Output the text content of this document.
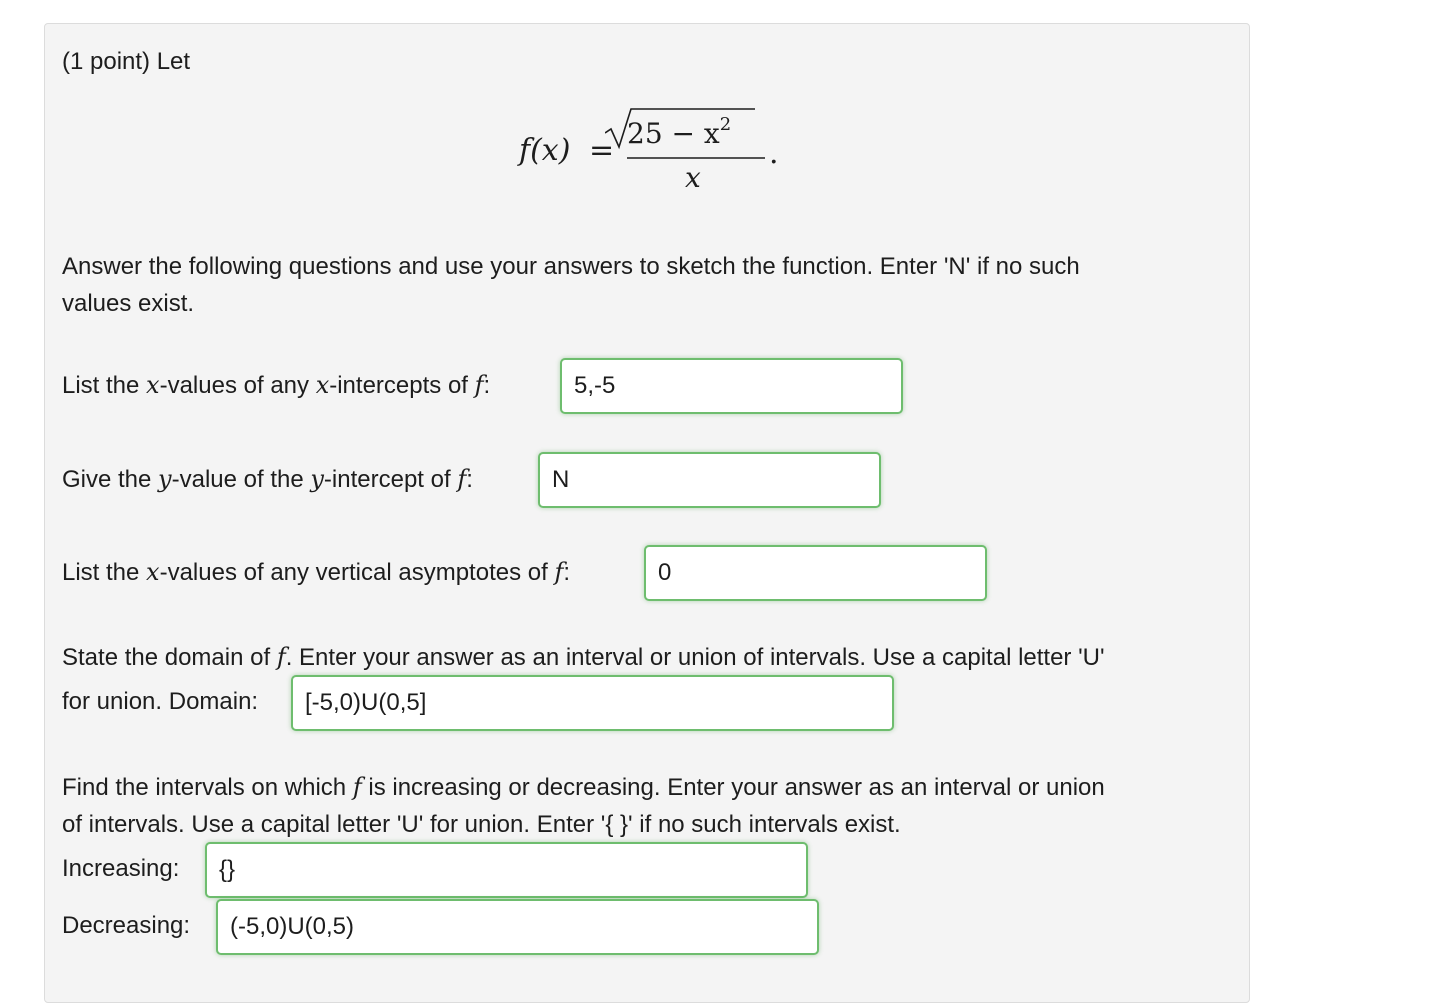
(1 point) Let
$f(x) = 25 - x^2$
x
.
Answer the following questions and use your answers to sketch the function. Enter 'N' if no such
values exist.
List the x-values of any x-intercepts of f:
5,-5
Give the y-value of the y-intercept of f:
N
List the x-values of any vertical asymptotes of f:
0
State the domain of f. Enter your answer as an interval or union of intervals. Use a capital letter 'U'
for union. Domain:
[-5,0)U(0,5]
Find the intervals on which f is increasing or decreasing. Enter your answer as an interval or union
of intervals. Use a capital letter 'U' for union. Enter '{ }' if no such intervals exist.
Increasing:
{}
Decreasing:
(-5,0)U(0,5)
